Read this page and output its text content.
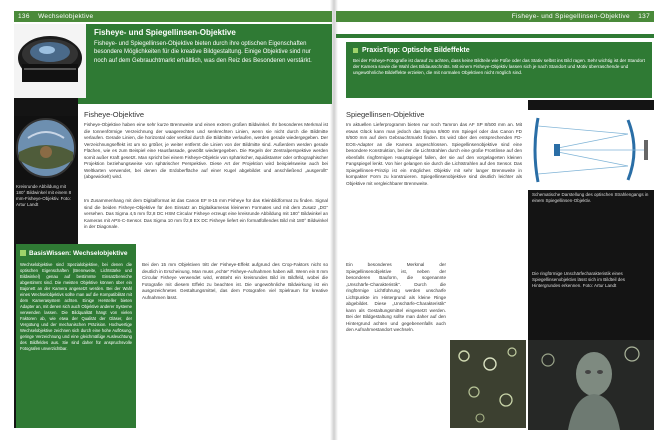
136 Wechselobjektive	Fisheye- und Spiegellinsen-Objektive 137
Fisheye- und Spiegellinsen-Objektive

Fisheye- und Spiegellinsen-Objektive bieten durch ihre optischen Eigenschaften besondere Möglichkeiten für die kreative Bildgestaltung. Einige Objektive sind nur noch auf dem Gebrauchtmarkt erhältlich, was den Reiz des Besonderen verstärkt.

Kreisrunde Abbildung mit 180° Bildwinkel mit einem 8 mm-Fisheye-Objektiv. Foto: Artur Landt
Fisheye-Objektive
Fisheye-Objektive haben eine sehr kurze Brennweite und einen extrem großen Bildwinkel. Ihr besonderes Merkmal ist die tonnenförmige Verzeichnung der waagerechten und senkrechten Linien, wenn sie nicht durch die Bildmitte verlaufen. Gerade Linien, die horizontal oder vertikal durch die Bildmitte verlaufen, werden gerade wiedergegeben. Der Verzeichnungseffekt ist um so größer, je weiter entfernt die Linien von der Bildmitte sind. Außerdem werden gerade Flächen, wie es zum Beispiel eine Hausfassade, gewölbt wiedergegeben. Die Regeln der Zentralperspektive werden somit außer Kraft gesetzt. Man spricht bei einem Fisheye-Objektiv von sphärischer, äquidistanter oder orthographischer Projektion beziehungsweise von sphärischer Perspektive. Diese Art der Projektion wird beispielsweise auch bei Weltkarten verwendet, bei denen die Erdoberfläche auf einer Kugel abgebildet und anschließend „ausgerollt“ (abgewickelt) wird.
Im Zusammenhang mit dem Digitalformat ist das Canon EF 8-15 mm Fisheye für das Kleinbildformat zu finden. Signal sind die beiden Fisheye-Objektive für den Einsatz an Digitalkameras kleineren Formates und mit dem Zusatz „DG“ versehen. Das Sigma 4,5 mm f/2,8 DC HSM Circular Fisheye erzeugt eine kreisrunde Abbildung mit 180° Bildwinkel an Kameras mit APS-C-Sensor. Das Sigma 10 mm f/2,8 EX DC Fisheye liefert ein formatfüllendes Bild mit 180° Bildwinkel in der Diagonale.
Bei den 15 mm Objektiven tritt der Fisheye-Effekt aufgrund des Crop-Faktors nicht so deutlich in Erscheinung. Man muss „echte“ Fisheye-Aufnahmen haben will. Wenn ein 8 mm Circular Fisheye verwendet wird, entsteht ein kreisrundes Bild im Bildfeld, wobei die Fotografie mit diesem Effekt zu beachten ist. Die ungewöhnliche Bildwirkung ist ein ausgezeichnetes Gestaltungsmittel, das dem Fotografen viel Spielraum für kreative Aufnahmen lässt.
BasisWissen: Wechselobjektive
Wechselobjektive sind Spezialobjektive, bei denen die optischen Eigenschaften (Brennweite, Lichtstärke und Bildwinkel) genau auf bestimmte Einsatzbereiche abgestimmt sind. Die meisten Objektive können über ein Bajonett an der Kamera angesetzt werden. Bei der Wahl eines Wechselobjektivs sollte man auf die Kompatibilität mit dem Kamerasystem achten. Einige Hersteller bieten Adapter an, mit denen sich auch Objektive anderer Systeme verwenden lassen. Die Bildqualität hängt von vielen Faktoren ab, wie etwa der Qualität der Gläser, der Vergütung und der mechanischen Präzision. Hochwertige Wechselobjektive zeichnen sich durch eine hohe Auflösung, geringe Verzeichnung und eine gleichmäßige Ausleuchtung des Bildfeldes aus. Sie sind daher für anspruchsvolle Fotografen unverzichtbar.
PraxisTipp: Optische Bildeffekte
Bei der Fisheye-Fotografie ist darauf zu achten, dass keine Bildteile wie Füße oder das Stativ selbst ins Bild ragen. Sehr wichtig ist der Standort der Kamera sowie die Wahl des Bildausschnitts. Mit einem Fisheye-Objektiv lassen sich je nach Standort und Motiv überraschende und ungewöhnliche Bildeffekte erzielen, die mit normalen Objektiven nicht möglich sind.
Spiegellinsen-Objektive
Im aktuellen Lieferprogramm bieten nur noch Tamron das AF SP 8/500 mm an. Mit etwas Glück kann man jedoch das Sigma 8/600 mm Spiegel oder das Canon FD 8/500 mm auf dem Gebrauchtmarkt finden. Es wird über den entsprechenden FD-EOS-Adapter an die Kamera angeschlossen. Spiegellinsenobjektive sind eine besondere Konstruktion, bei der die Lichtstrahlen durch eine große Frontlinse auf den ebenfalls ringförmigen Hauptspiegel fallen, der sie auf den vorgelagerten kleinen Fangspiegel lenkt. Von hier gelangen sie durch die Lichtstrahlen auf den Sensor. Das Spiegellinsen-Prinzip ist ein mögliches Objektiv mit sehr langer Brennweite in kompakter Form zu konstruieren. Spiegellinsenobjektive sind deutlich leichter als Objektive mit vergleichbarer Brennweite.
Ein besonderes Merkmal der Spiegellinsenobjektive ist, neben der besonderen Bauform, die sogenannte „Unschärfe-Charakteristik“. Durch die ringförmige Lichtführung werden unscharfe Lichtpunkte im Hintergrund als kleine Ringe abgebildet. Diese „Unschärfe-Charakteristik“ kann als Gestaltungsmittel eingesetzt werden. Bei der Bildgestaltung sollte man daher auf den Hintergrund achten und gegebenenfalls auch den Aufnahmestandort wechseln.
Schematische Darstellung des optischen Strahlengangs in einem Spiegellinsen-Objektiv.
Die ringförmige Unschärfecharakteristik eines Spiegellinsenobjektivs lässt sich im Bildteil des Hintergrundes erkennen. Foto: Artur Landt
